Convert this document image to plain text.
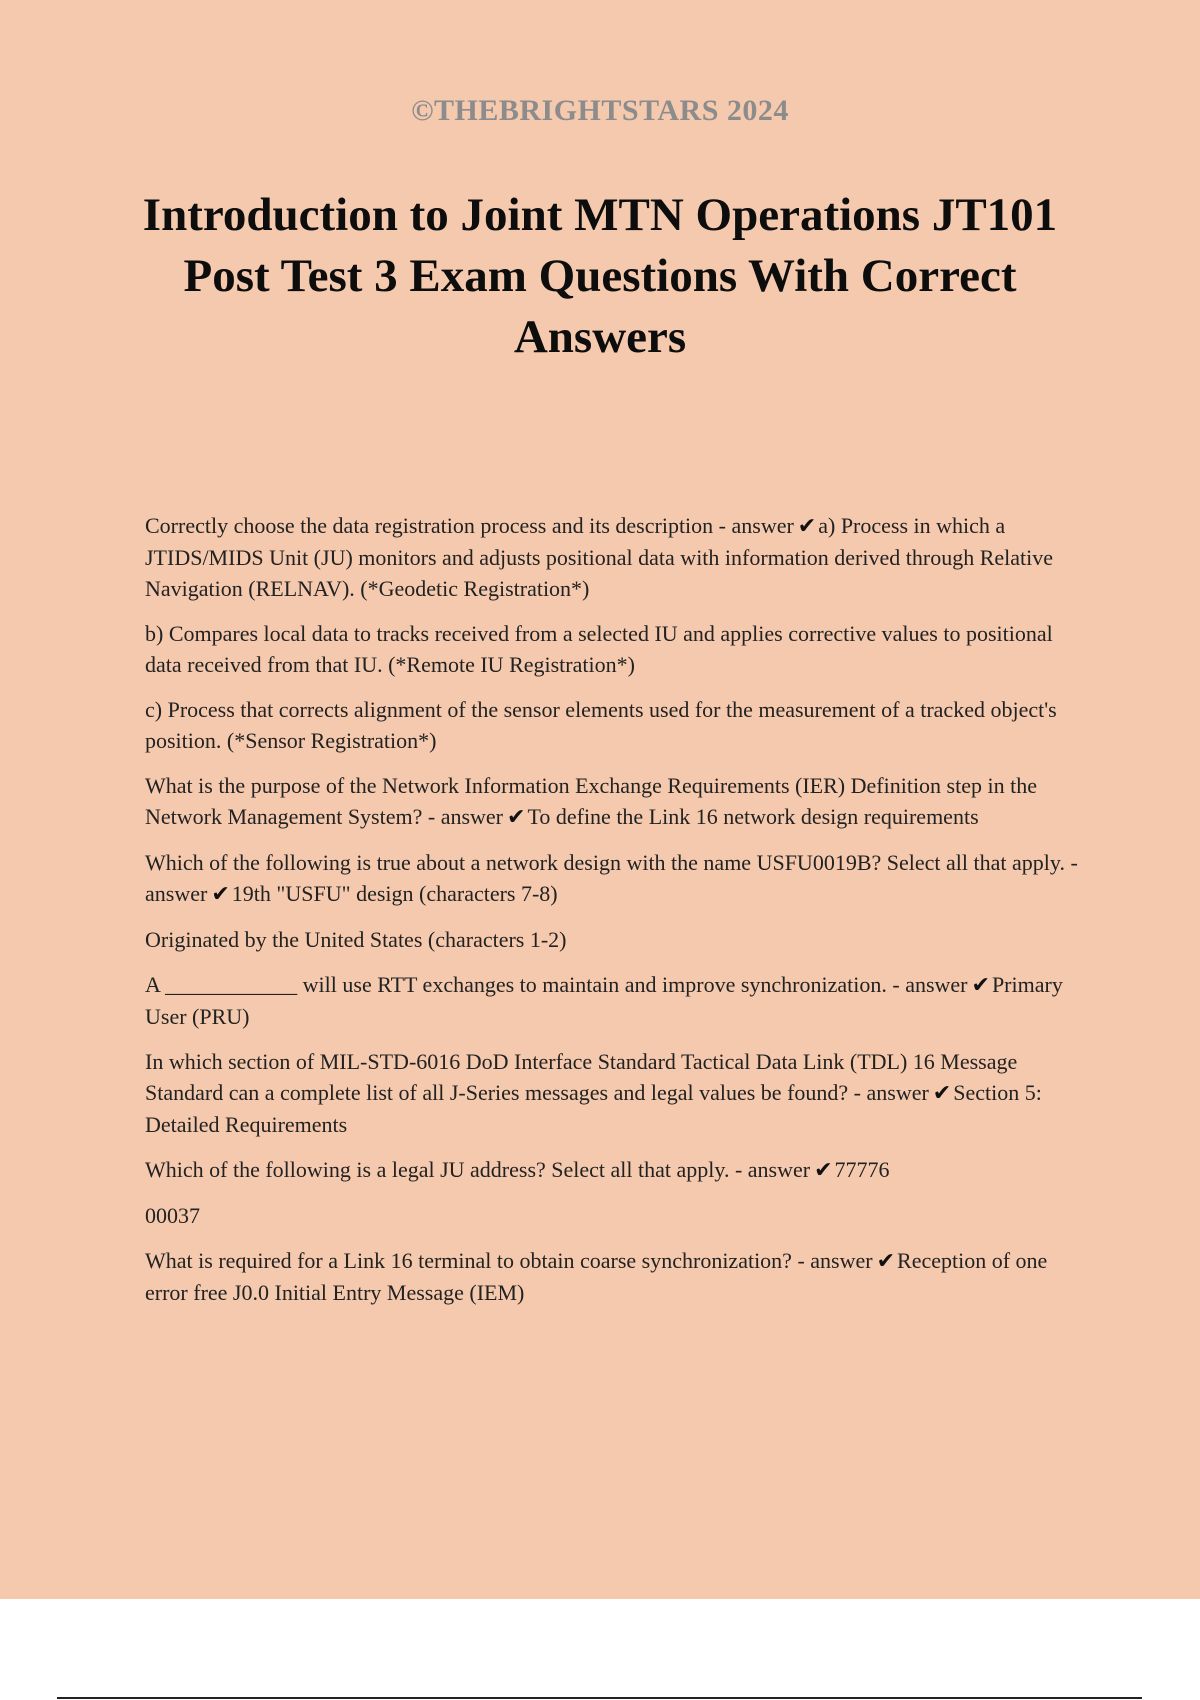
©THEBRIGHTSTARS 2024
Introduction to Joint MTN Operations JT101 Post Test 3 Exam Questions With Correct Answers

Correctly choose the data registration process and its description - answer ✔a) Process in which a JTIDS/MIDS Unit (JU) monitors and adjusts positional data with information derived through Relative Navigation (RELNAV). (*Geodetic Registration*)

b) Compares local data to tracks received from a selected IU and applies corrective values to positional data received from that IU. (*Remote IU Registration*)

c) Process that corrects alignment of the sensor elements used for the measurement of a tracked object's position. (*Sensor Registration*)

What is the purpose of the Network Information Exchange Requirements (IER) Definition step in the Network Management System? - answer ✔To define the Link 16 network design requirements

Which of the following is true about a network design with the name USFU0019B? Select all that apply. - answer ✔19th "USFU" design (characters 7-8)

Originated by the United States (characters 1-2)

A ____________ will use RTT exchanges to maintain and improve synchronization. - answer ✔Primary User (PRU)

In which section of MIL-STD-6016 DoD Interface Standard Tactical Data Link (TDL) 16 Message Standard can a complete list of all J-Series messages and legal values be found? - answer ✔Section 5: Detailed Requirements

Which of the following is a legal JU address? Select all that apply. - answer ✔77776

00037

What is required for a Link 16 terminal to obtain coarse synchronization? - answer ✔Reception of one error free J0.0 Initial Entry Message (IEM)
